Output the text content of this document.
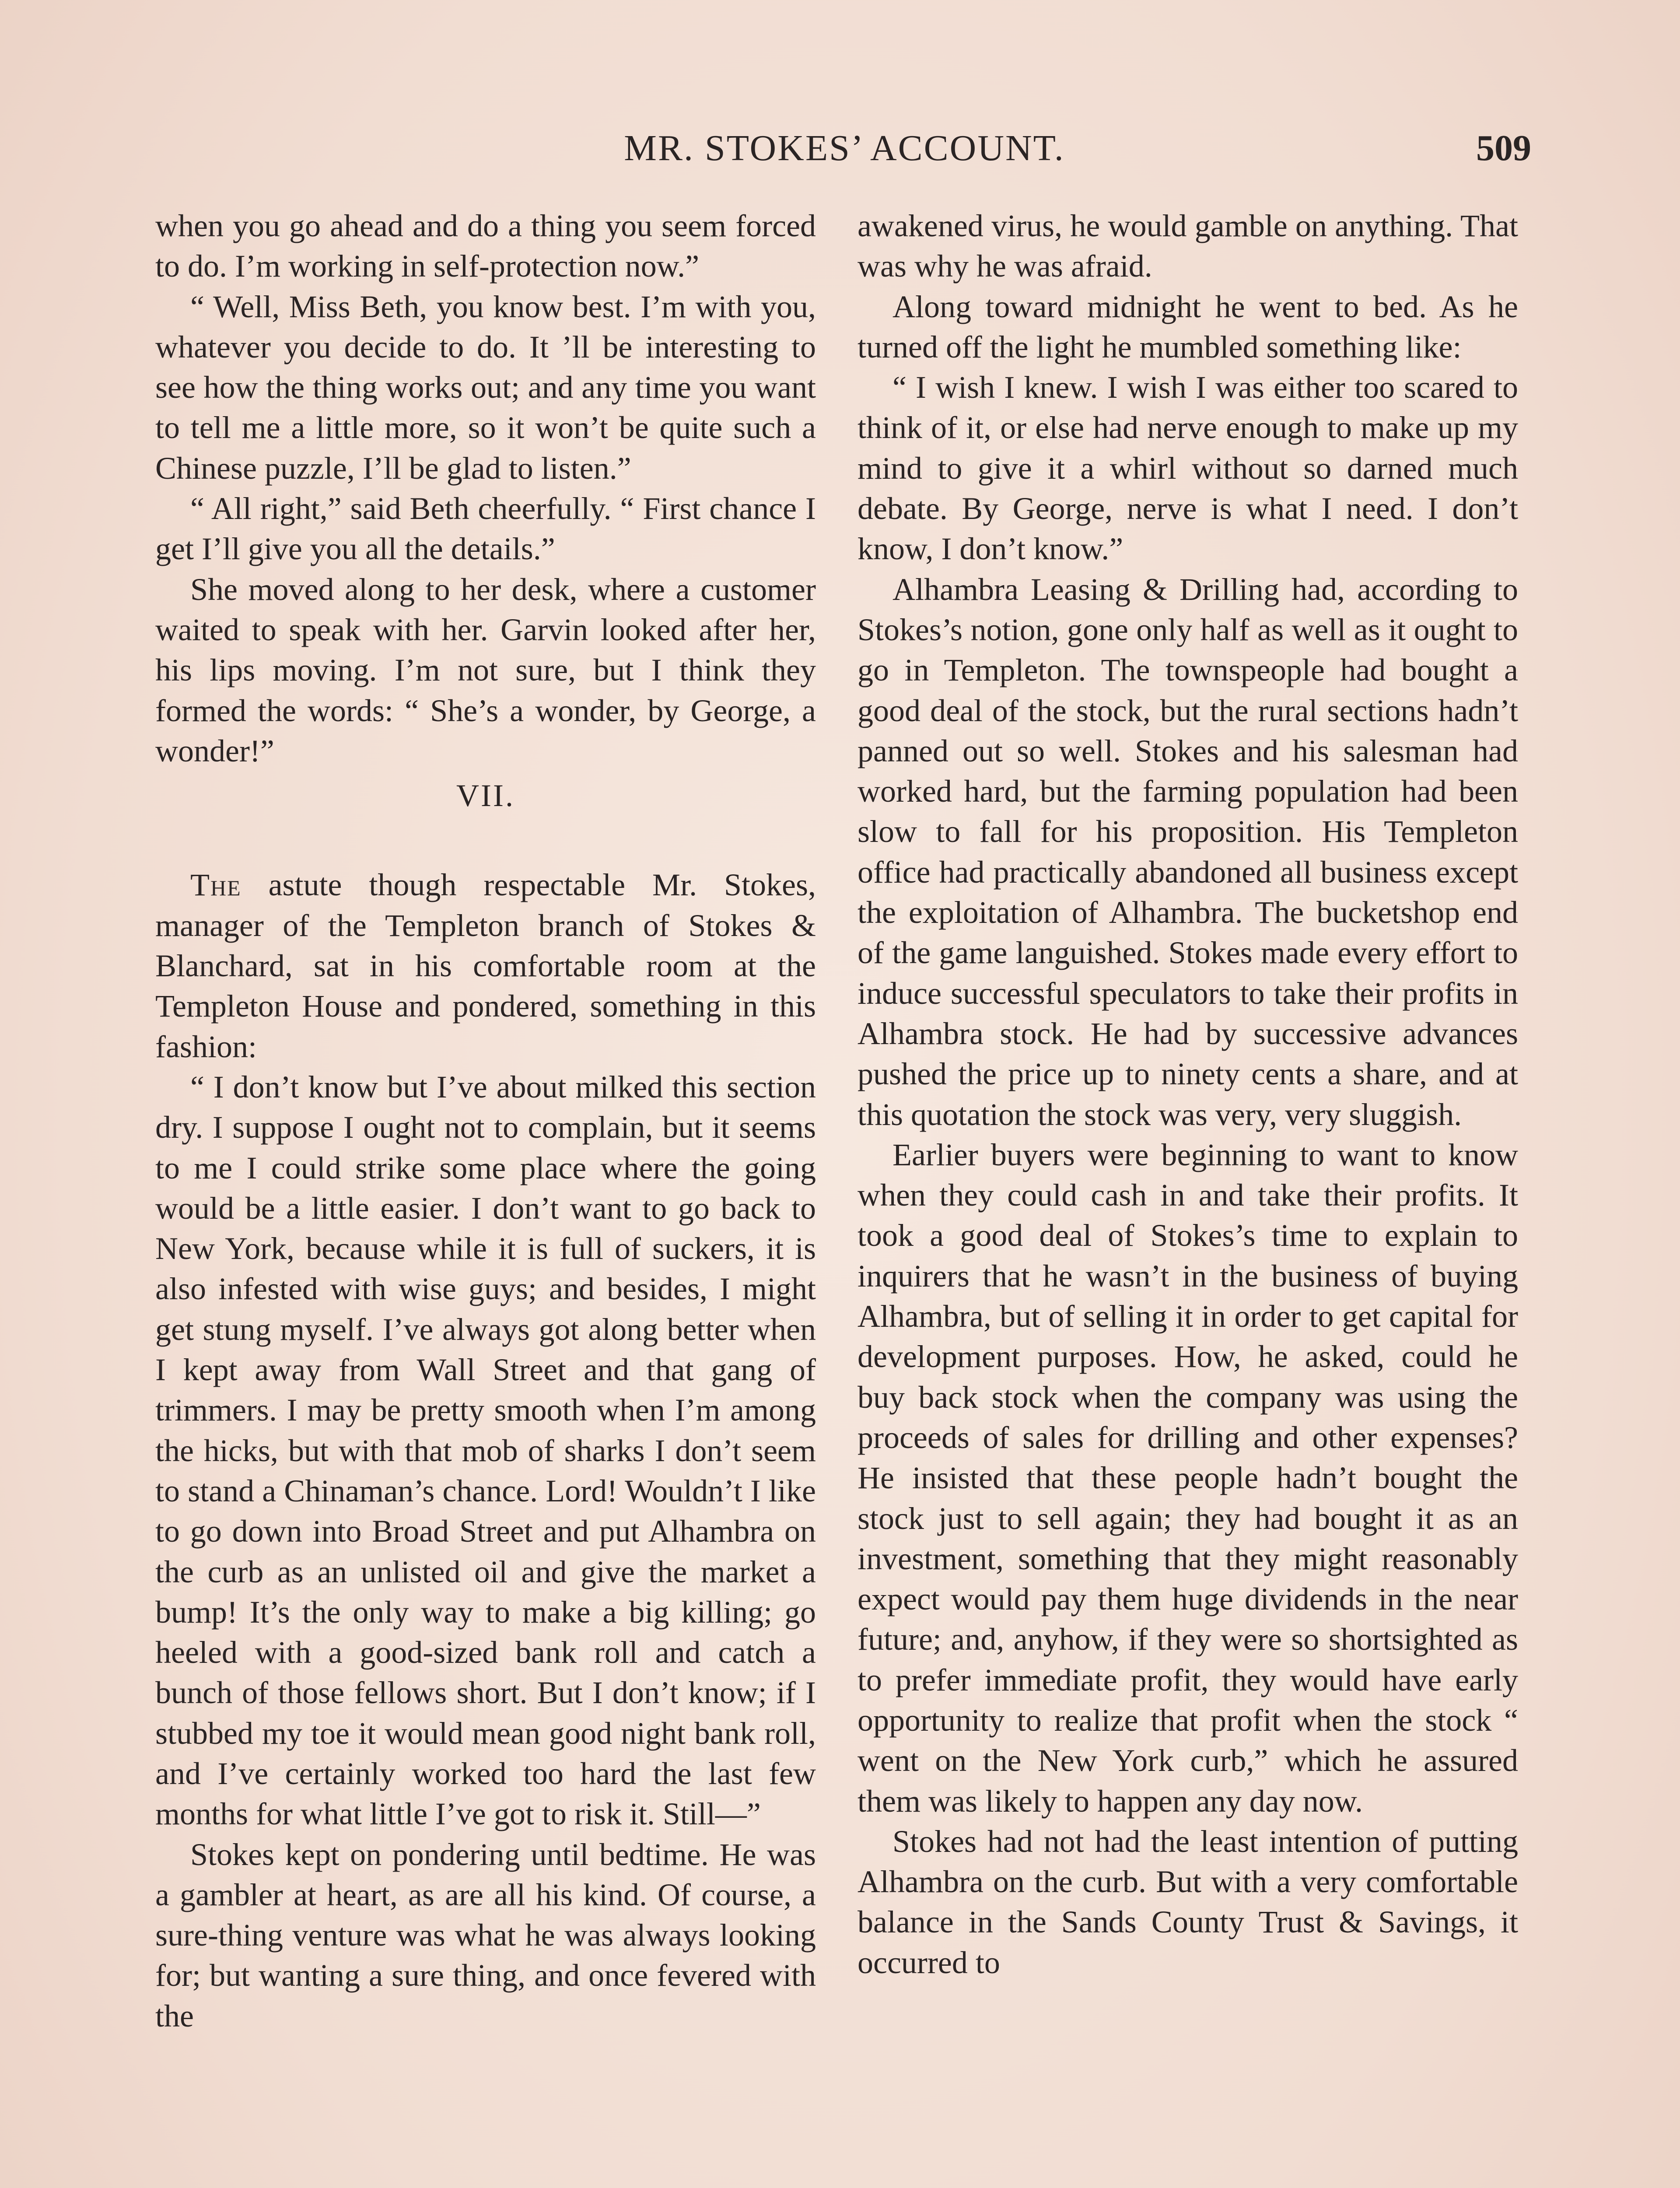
MR. STOKES’ ACCOUNT.	509

when you go ahead and do a thing you seem forced to do. I’m working in self-protection now.”

“ Well, Miss Beth, you know best. I’m with you, whatever you decide to do. It ’ll be interesting to see how the thing works out; and any time you want to tell me a little more, so it won’t be quite such a Chinese puzzle, I’ll be glad to listen.”

“ All right,” said Beth cheerfully. “ First chance I get I’ll give you all the details.”

She moved along to her desk, where a customer waited to speak with her. Garvin looked after her, his lips moving. I’m not sure, but I think they formed the words: “ She’s a wonder, by George, a wonder!”

VII.

The astute though respectable Mr. Stokes, manager of the Templeton branch of Stokes & Blanchard, sat in his comfortable room at the Templeton House and pondered, something in this fashion:

“ I don’t know but I’ve about milked this section dry. I suppose I ought not to complain, but it seems to me I could strike some place where the going would be a little easier. I don’t want to go back to New York, because while it is full of suckers, it is also infested with wise guys; and besides, I might get stung myself. I’ve always got along better when I kept away from Wall Street and that gang of trimmers. I may be pretty smooth when I’m among the hicks, but with that mob of sharks I don’t seem to stand a Chinaman’s chance. Lord! Wouldn’t I like to go down into Broad Street and put Alhambra on the curb as an unlisted oil and give the market a bump! It’s the only way to make a big killing; go heeled with a good-sized bank roll and catch a bunch of those fellows short. But I don’t know; if I stubbed my toe it would mean good night bank roll, and I’ve certainly worked too hard the last few months for what little I’ve got to risk it. Still—”

Stokes kept on pondering until bedtime. He was a gambler at heart, as are all his kind. Of course, a sure-thing venture was what he was always looking for; but wanting a sure thing, and once fevered with the

awakened virus, he would gamble on anything. That was why he was afraid.

Along toward midnight he went to bed. As he turned off the light he mumbled something like:

“ I wish I knew. I wish I was either too scared to think of it, or else had nerve enough to make up my mind to give it a whirl without so darned much debate. By George, nerve is what I need. I don’t know, I don’t know.”

Alhambra Leasing & Drilling had, according to Stokes’s notion, gone only half as well as it ought to go in Templeton. The townspeople had bought a good deal of the stock, but the rural sections hadn’t panned out so well. Stokes and his salesman had worked hard, but the farming population had been slow to fall for his proposition. His Templeton office had practically abandoned all business except the exploitation of Alhambra. The bucketshop end of the game languished. Stokes made every effort to induce successful speculators to take their profits in Alhambra stock. He had by successive advances pushed the price up to ninety cents a share, and at this quotation the stock was very, very sluggish.

Earlier buyers were beginning to want to know when they could cash in and take their profits. It took a good deal of Stokes’s time to explain to inquirers that he wasn’t in the business of buying Alhambra, but of selling it in order to get capital for development purposes. How, he asked, could he buy back stock when the company was using the proceeds of sales for drilling and other expenses? He insisted that these people hadn’t bought the stock just to sell again; they had bought it as an investment, something that they might reasonably expect would pay them huge dividends in the near future; and, anyhow, if they were so shortsighted as to prefer immediate profit, they would have early opportunity to realize that profit when the stock “ went on the New York curb,” which he assured them was likely to happen any day now.

Stokes had not had the least intention of putting Alhambra on the curb. But with a very comfortable balance in the Sands County Trust & Savings, it occurred to
